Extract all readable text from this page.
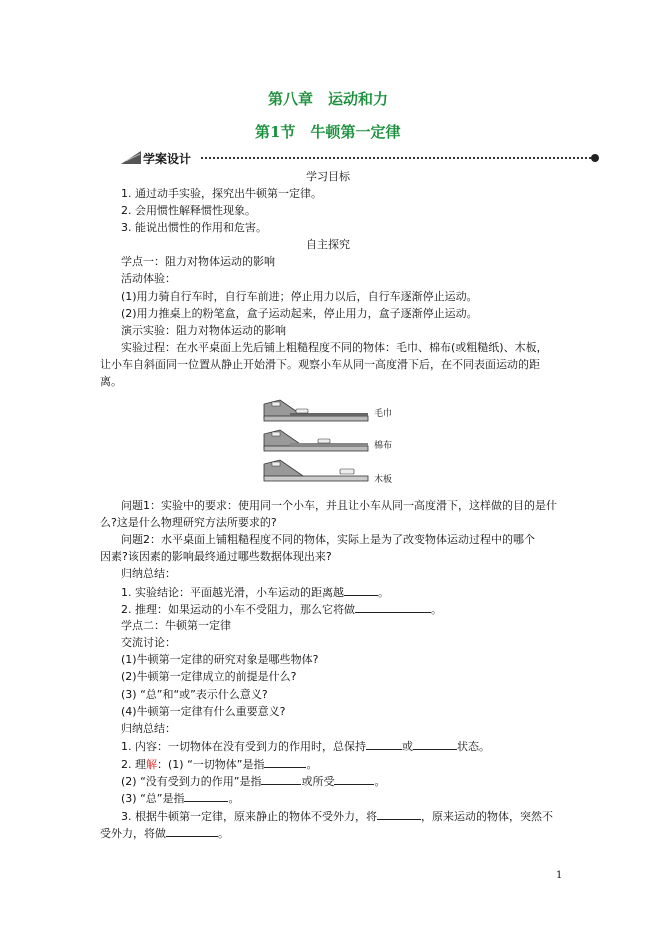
第八章　运动和力
第1节　牛顿第一定律
学案设计
学习目标
1. 通过动手实验，探究出牛顿第一定律。
2. 会用惯性解释惯性现象。
3. 能说出惯性的作用和危害。
自主探究
学点一：阻力对物体运动的影响
活动体验：
(1)用力骑自行车时，自行车前进；停止用力以后，自行车逐渐停止运动。
(2)用力推桌上的粉笔盒，盒子运动起来，停止用力，盒子逐渐停止运动。
演示实验：阻力对物体运动的影响
实验过程：在水平桌面上先后铺上粗糙程度不同的物体：毛巾、棉布(或粗糙纸)、木板，
让小车自斜面同一位置从静止开始滑下。观察小车从同一高度滑下后，在不同表面运动的距
离。
毛巾
棉布
木板
问题1：实验中的要求：使用同一个小车，并且让小车从同一高度滑下，这样做的目的是什
么?这是什么物理研究方法所要求的?
问题2：水平桌面上铺粗糙程度不同的物体，实际上是为了改变物体运动过程中的哪个
因素?该因素的影响最终通过哪些数据体现出来?
归纳总结：
1. 实验结论：平面越光滑，小车运动的距离越	。
2. 推理：如果运动的小车不受阻力，那么它将做	。
学点二：牛顿第一定律
交流讨论：
(1)牛顿第一定律的研究对象是哪些物体?
(2)牛顿第一定律成立的前提是什么?
(3) “总”和“或”表示什么意义?
(4)牛顿第一定律有什么重要意义?
归纳总结：
1. 内容：一切物体在没有受到力的作用时，总保持	或	状态。
2. 理解：(1) “一切物体”是指	。
(2) “没有受到力的作用”是指	或所受	。
(3) “总”是指	。
3. 根据牛顿第一定律，原来静止的物体不受外力，将	，原来运动的物体，突然不
受外力，将做	。
1
